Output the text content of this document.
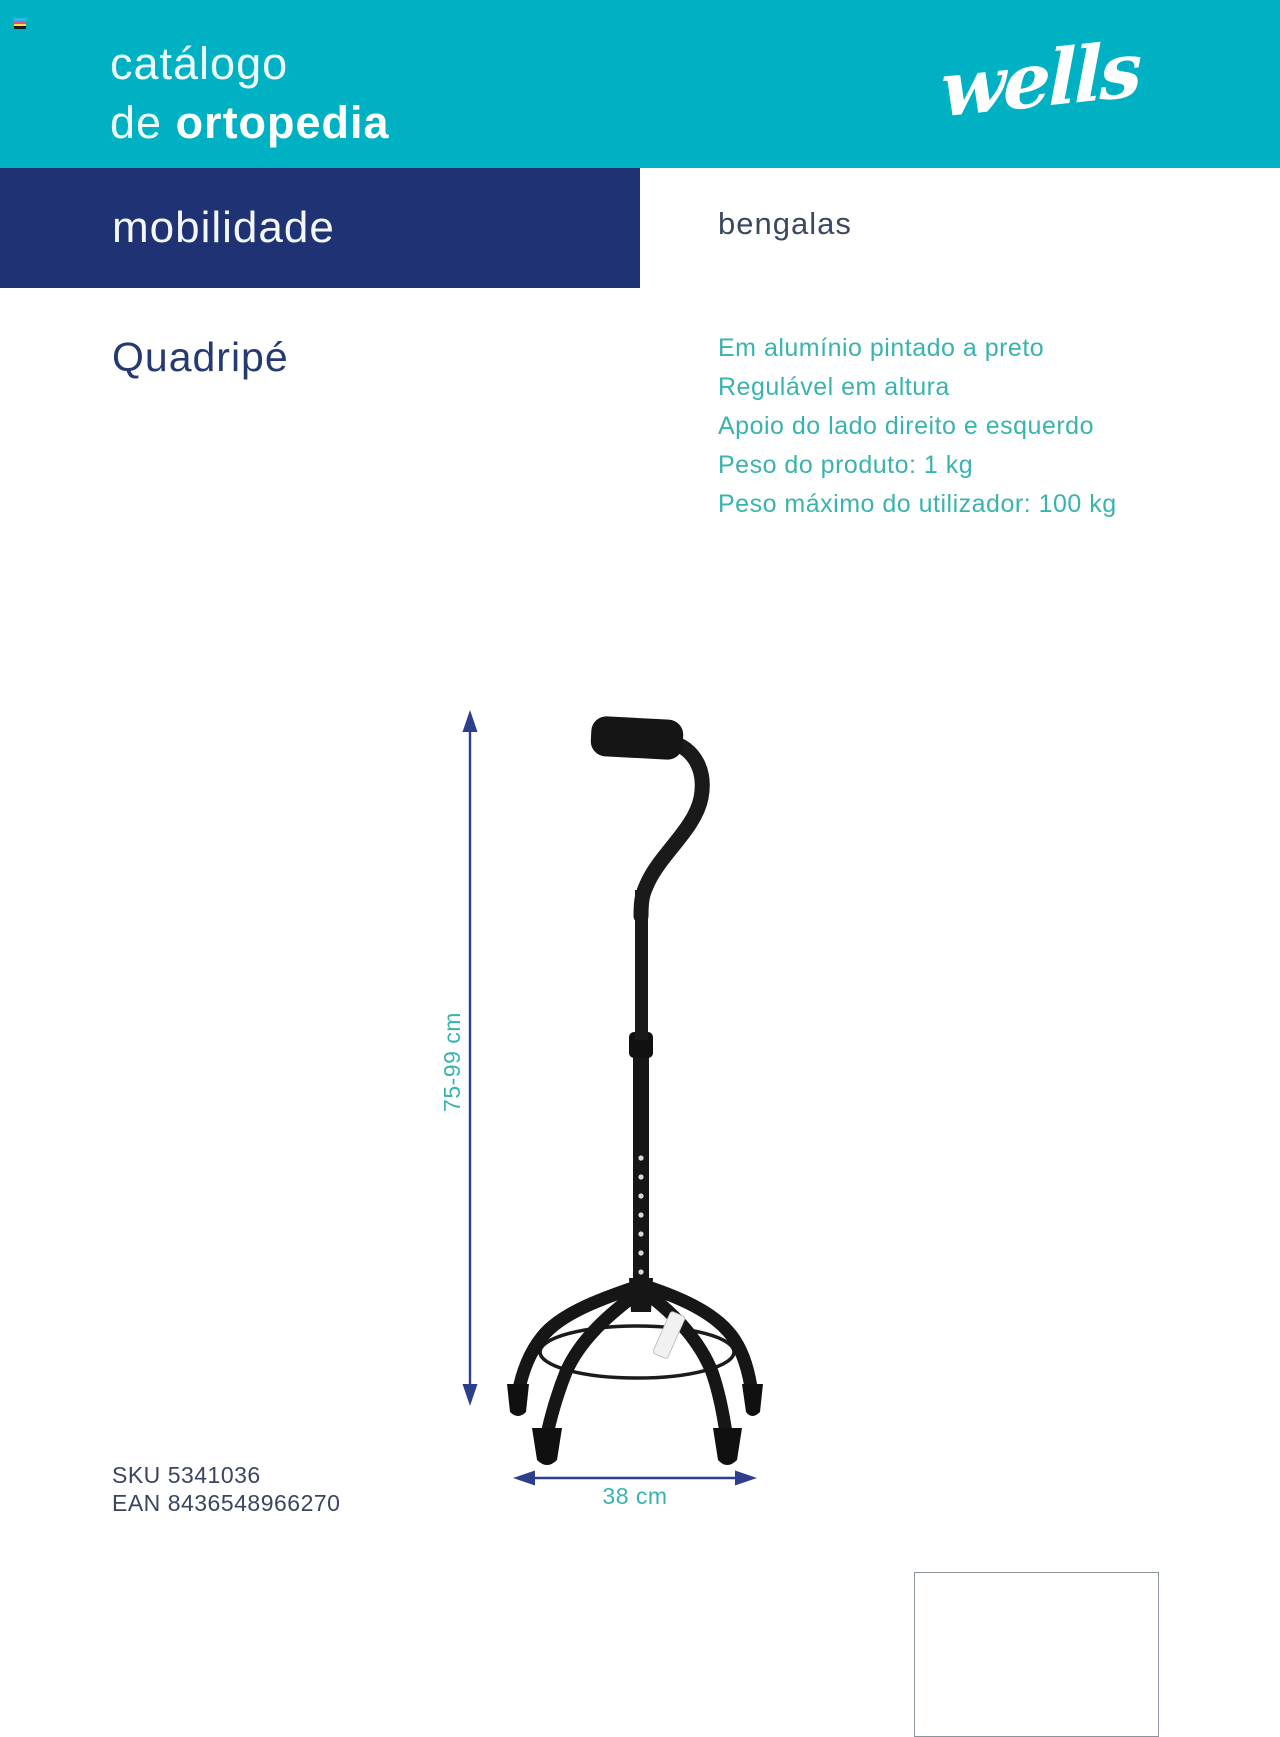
catálogo
de ortopedia	wells
mobilidade	bengalas
Quadripé	Em alumínio pintado a preto
Regulável em altura
Apoio do lado direito e esquerdo
Peso do produto: 1 kg
Peso máximo do utilizador: 100 kg
75-99 cm
38 cm
SKU 5341036
EAN 8436548966270
